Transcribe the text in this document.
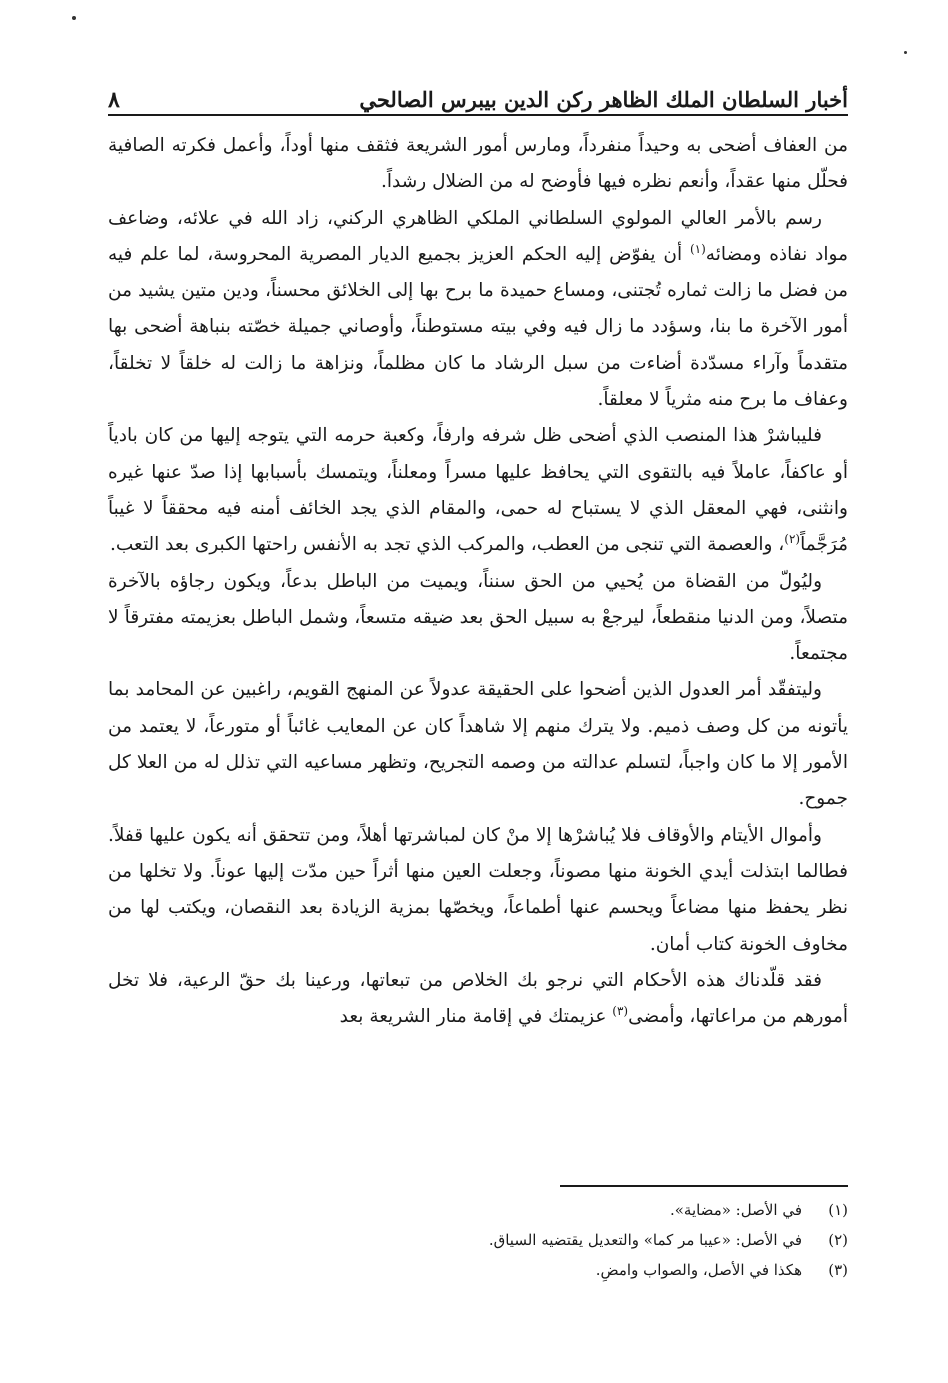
أخبار السلطان الملك الظاهر ركن الدين بيبرس الصالحي
٨

من العفاف أضحى به وحيداً منفرداً، ومارس أمور الشريعة فثقف منها أوداً، وأعمل فكرته الصافية فحلّل منها عقداً، وأنعم نظره فيها فأوضح له من الضلال رشداً.

رسم بالأمر العالي المولوي السلطاني الملكي الظاهري الركني، زاد الله في علائه، وضاعف مواد نفاذه ومضائه$^{(١)}$ أن يفوّض إليه الحكم العزيز بجميع الديار المصرية المحروسة، لما علم فيه من فضل ما زالت ثماره تُجتنى، ومساع حميدة ما برح بها إلى الخلائق محسناً، ودين متين يشيد من أمور الآخرة ما بنا، وسؤدد ما زال فيه وفي بيته مستوطناً، وأوصاني جميلة خصّته بنباهة أضحى بها متقدماً وآراء مسدّدة أضاءت من سبل الرشاد ما كان مظلماً، ونزاهة ما زالت له خلقاً لا تخلقاً، وعفاف ما برح منه مثرياً لا معلقاً.

فليباشرْ هذا المنصب الذي أضحى ظل شرفه وارفاً، وكعبة حرمه التي يتوجه إليها من كان بادياً أو عاكفاً، عاملاً فيه بالتقوى التي يحافظ عليها مسراً ومعلناً، ويتمسك بأسبابها إذا صدّ عنها غيره وانثنى، فهي المعقل الذي لا يستباح له حمى، والمقام الذي يجد الخائف أمنه فيه محققاً لا غيباً مُرَجَّماً$^{(٢)}$، والعصمة التي تنجى من العطب، والمركب الذي تجد به الأنفس راحتها الكبرى بعد التعب.

وليُولّ من القضاة من يُحيي من الحق سنناً، ويميت من الباطل بدعاً، ويكون رجاؤه بالآخرة متصلاً، ومن الدنيا منقطعاً، ليرجعْ به سبيل الحق بعد ضيقه متسعاً، وشمل الباطل بعزيمته مفترقاً لا مجتمعاً.

وليتفقّد أمر العدول الذين أضحوا على الحقيقة عدولاً عن المنهج القويم، راغبين عن المحامد بما يأتونه من كل وصف ذميم. ولا يترك منهم إلا شاهداً كان عن المعايب غائباً أو متورعاً، لا يعتمد من الأمور إلا ما كان واجباً، لتسلم عدالته من وصمه التجريح، وتظهر مساعيه التي تذلل له من العلا كل جموح.

وأموال الأيتام والأوقاف فلا يُباشرْها إلا منْ كان لمباشرتها أهلاً، ومن تتحقق أنه يكون عليها قفلاً. فطالما ابتذلت أيدي الخونة منها مصوناً، وجعلت العين منها أثراً حين مدّت إليها عوناً. ولا تخلها من نظر يحفظ منها مضاعاً ويحسم عنها أطماعاً، ويخصّها بمزية الزيادة بعد النقصان، ويكتب لها من مخاوف الخونة كتاب أمان.

فقد قلّدناك هذه الأحكام التي نرجو بك الخلاص من تبعاتها، ورعينا بك حقّ الرعية، فلا تخل أمورهم من مراعاتها، وأمضى$^{(٣)}$ عزيمتك في إقامة منار الشريعة بعد

(١)
في الأصل: «مضاية».
(٢)
في الأصل: «عيبا مر كما» والتعديل يقتضيه السياق.
(٣)
هكذا في الأصل، والصواب وامضِ.
